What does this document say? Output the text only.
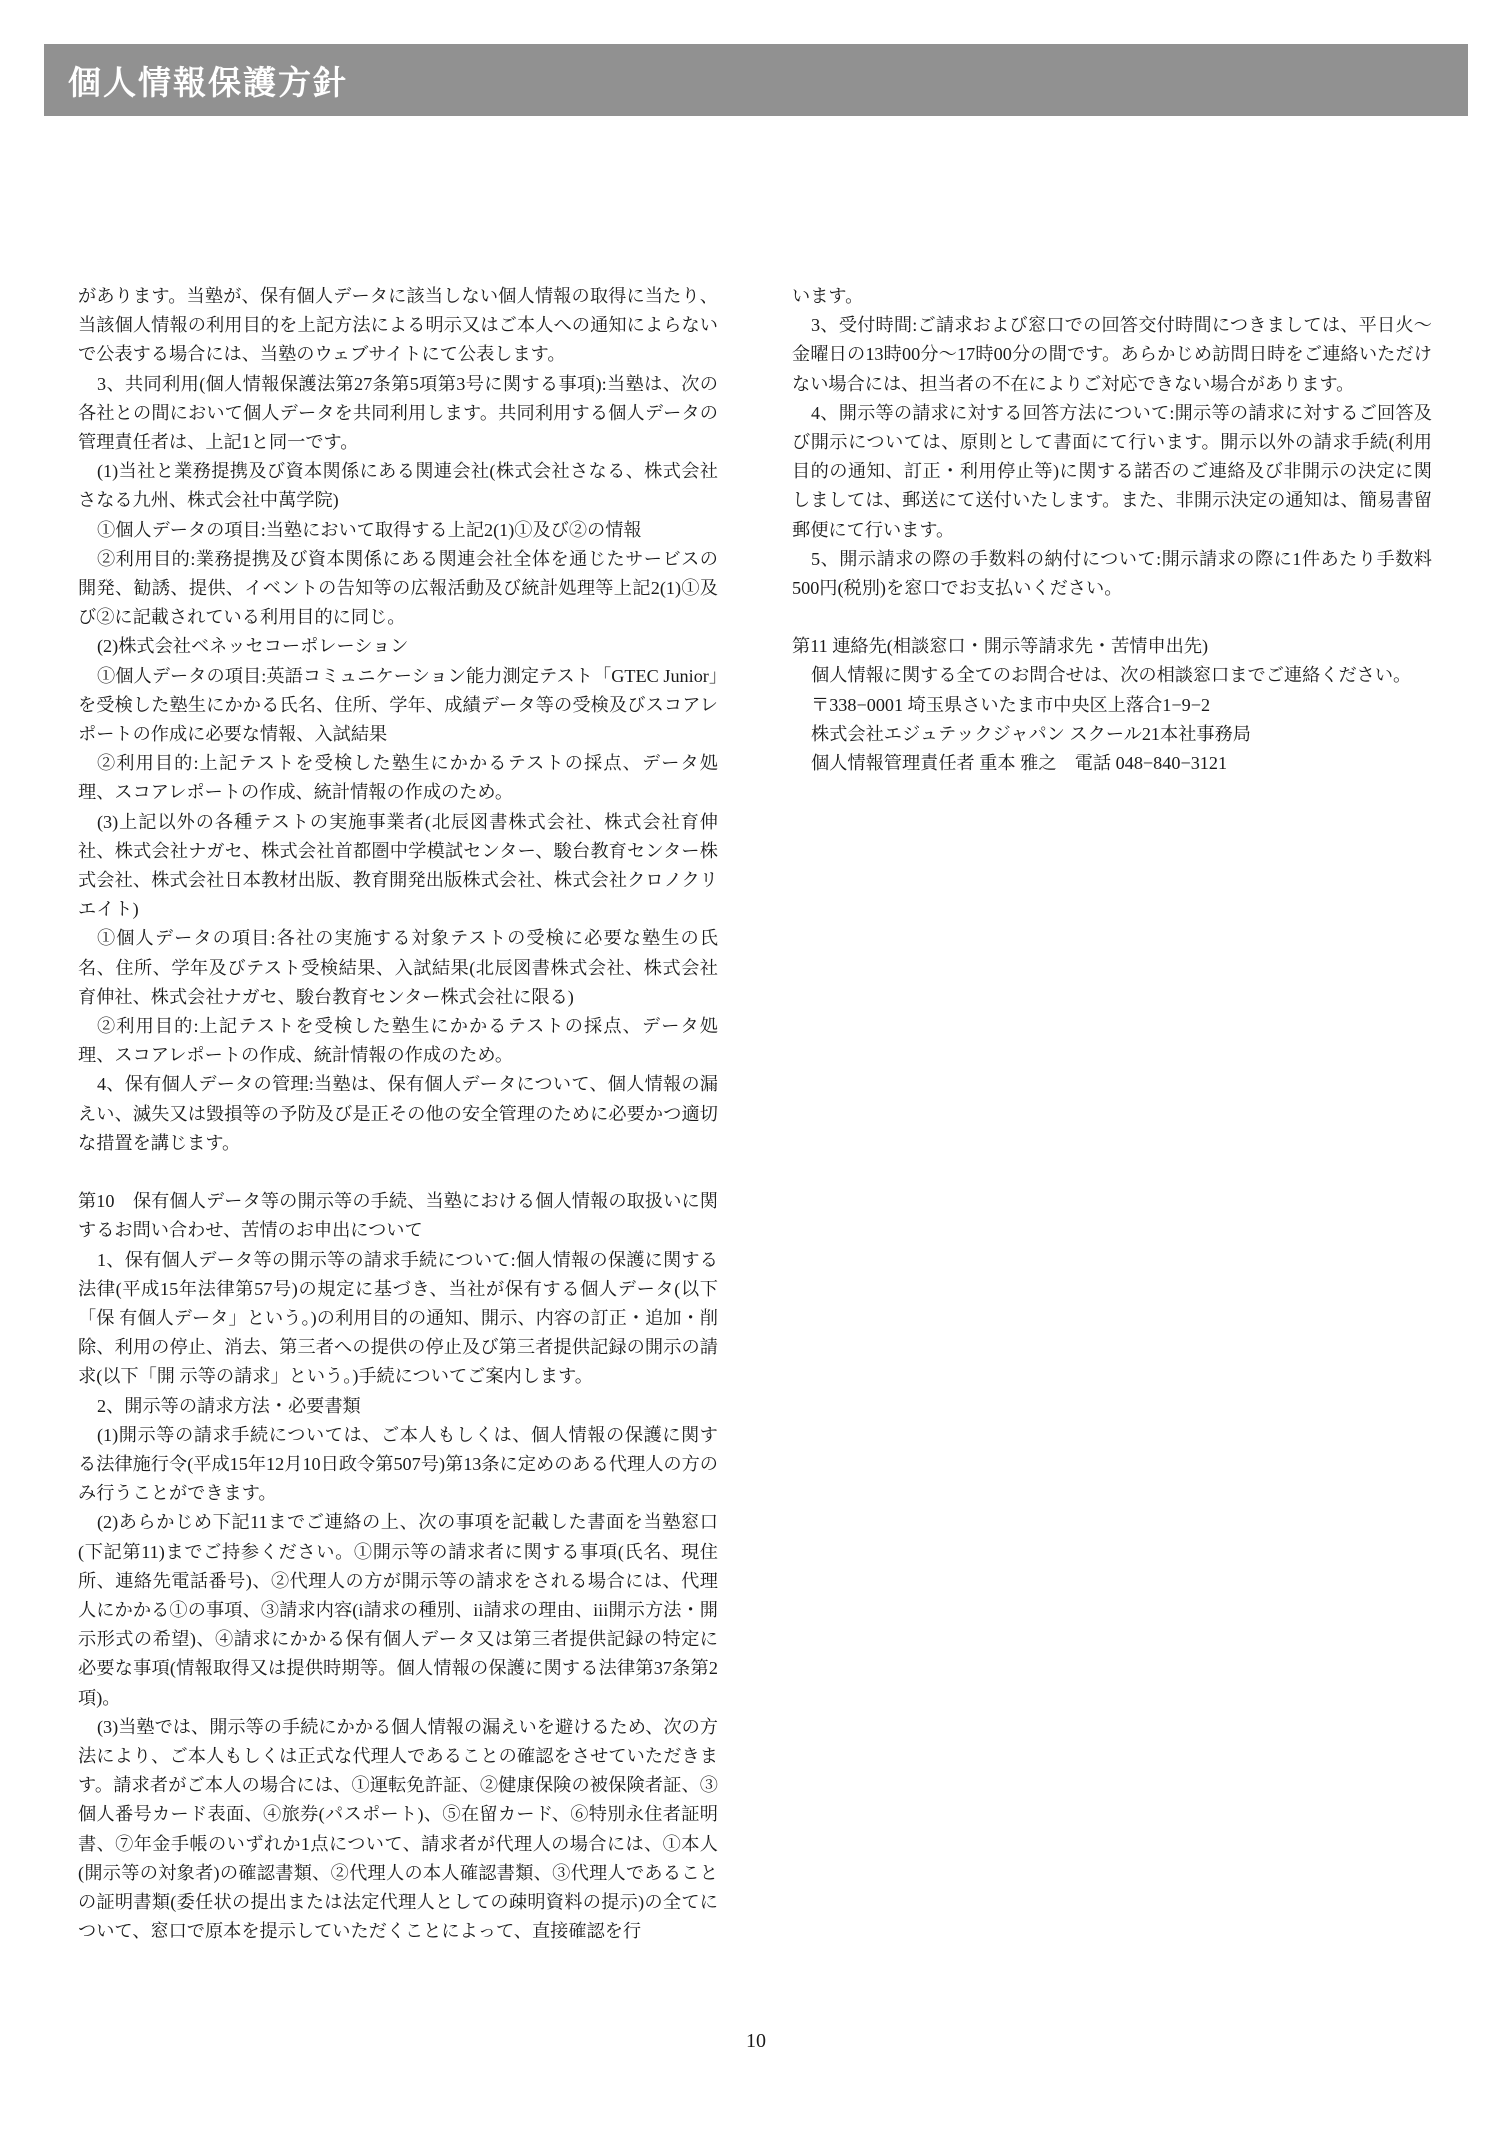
個人情報保護方針

があります。当塾が、保有個人データに該当しない個人情報の取得に当たり、当該個人情報の利用目的を上記方法による明示又はご本人への通知によらないで公表する場合には、当塾のウェブサイトにて公表します。

3、共同利用(個人情報保護法第27条第5項第3号に関する事項):当塾は、次の各社との間において個人データを共同利用します。共同利用する個人データの管理責任者は、上記1と同一です。

(1)当社と業務提携及び資本関係にある関連会社(株式会社さなる、株式会社さなる九州、株式会社中萬学院)

①個人データの項目:当塾において取得する上記2(1)①及び②の情報

②利用目的:業務提携及び資本関係にある関連会社全体を通じたサービスの開発、勧誘、提供、イベントの告知等の広報活動及び統計処理等上記2(1)①及び②に記載されている利用目的に同じ。

(2)株式会社ベネッセコーポレーション

①個人データの項目:英語コミュニケーション能力測定テスト「GTEC Junior」を受検した塾生にかかる氏名、住所、学年、成績データ等の受検及びスコアレポートの作成に必要な情報、入試結果

②利用目的:上記テストを受検した塾生にかかるテストの採点、データ処理、スコアレポートの作成、統計情報の作成のため。

(3)上記以外の各種テストの実施事業者(北辰図書株式会社、株式会社育伸社、株式会社ナガセ、株式会社首都圏中学模試センター、駿台教育センター株式会社、株式会社日本教材出版、教育開発出版株式会社、株式会社クロノクリエイト)

①個人データの項目:各社の実施する対象テストの受検に必要な塾生の氏名、住所、学年及びテスト受検結果、入試結果(北辰図書株式会社、株式会社育伸社、株式会社ナガセ、駿台教育センター株式会社に限る)

②利用目的:上記テストを受検した塾生にかかるテストの採点、データ処理、スコアレポートの作成、統計情報の作成のため。

4、保有個人データの管理:当塾は、保有個人データについて、個人情報の漏えい、滅失又は毀損等の予防及び是正その他の安全管理のために必要かつ適切な措置を講じます。

第10　保有個人データ等の開示等の手続、当塾における個人情報の取扱いに関するお問い合わせ、苦情のお申出について

1、保有個人データ等の開示等の請求手続について:個人情報の保護に関する法律(平成15年法律第57号)の規定に基づき、当社が保有する個人データ(以下「保 有個人データ」という。)の利用目的の通知、開示、内容の訂正・追加・削除、利用の停止、消去、第三者への提供の停止及び第三者提供記録の開示の請求(以下「開 示等の請求」という。)手続についてご案内します。

2、開示等の請求方法・必要書類

(1)開示等の請求手続については、ご本人もしくは、個人情報の保護に関する法律施行令(平成15年12月10日政令第507号)第13条に定めのある代理人の方のみ行うことができます。

(2)あらかじめ下記11までご連絡の上、次の事項を記載した書面を当塾窓口(下記第11)までご持参ください。①開示等の請求者に関する事項(氏名、現住所、連絡先電話番号)、②代理人の方が開示等の請求をされる場合には、代理人にかかる①の事項、③請求内容(i請求の種別、ii請求の理由、iii開示方法・開示形式の希望)、④請求にかかる保有個人データ又は第三者提供記録の特定に必要な事項(情報取得又は提供時期等。個人情報の保護に関する法律第37条第2項)。

(3)当塾では、開示等の手続にかかる個人情報の漏えいを避けるため、次の方法により、ご本人もしくは正式な代理人であることの確認をさせていただきます。請求者がご本人の場合には、①運転免許証、②健康保険の被保険者証、③個人番号カード表面、④旅券(パスポート)、⑤在留カード、⑥特別永住者証明書、⑦年金手帳のいずれか1点について、請求者が代理人の場合には、①本人(開示等の対象者)の確認書類、②代理人の本人確認書類、③代理人であることの証明書類(委任状の提出または法定代理人としての疎明資料の提示)の全てについて、窓口で原本を提示していただくことによって、直接確認を行

います。

3、受付時間:ご請求および窓口での回答交付時間につきましては、平日火〜金曜日の13時00分〜17時00分の間です。あらかじめ訪問日時をご連絡いただけない場合には、担当者の不在によりご対応できない場合があります。

4、開示等の請求に対する回答方法について:開示等の請求に対するご回答及び開示については、原則として書面にて行います。開示以外の請求手続(利用目的の通知、訂正・利用停止等)に関する諾否のご連絡及び非開示の決定に関しましては、郵送にて送付いたします。また、非開示決定の通知は、簡易書留郵便にて行います。

5、開示請求の際の手数料の納付について:開示請求の際に1件あたり手数料500円(税別)を窓口でお支払いください。

第11 連絡先(相談窓口・開示等請求先・苦情申出先)

個人情報に関する全てのお問合せは、次の相談窓口までご連絡ください。

〒338−0001 埼玉県さいたま市中央区上落合1−9−2

株式会社エジュテックジャパン スクール21本社事務局

個人情報管理責任者 重本 雅之　電話 048−840−3121

10
